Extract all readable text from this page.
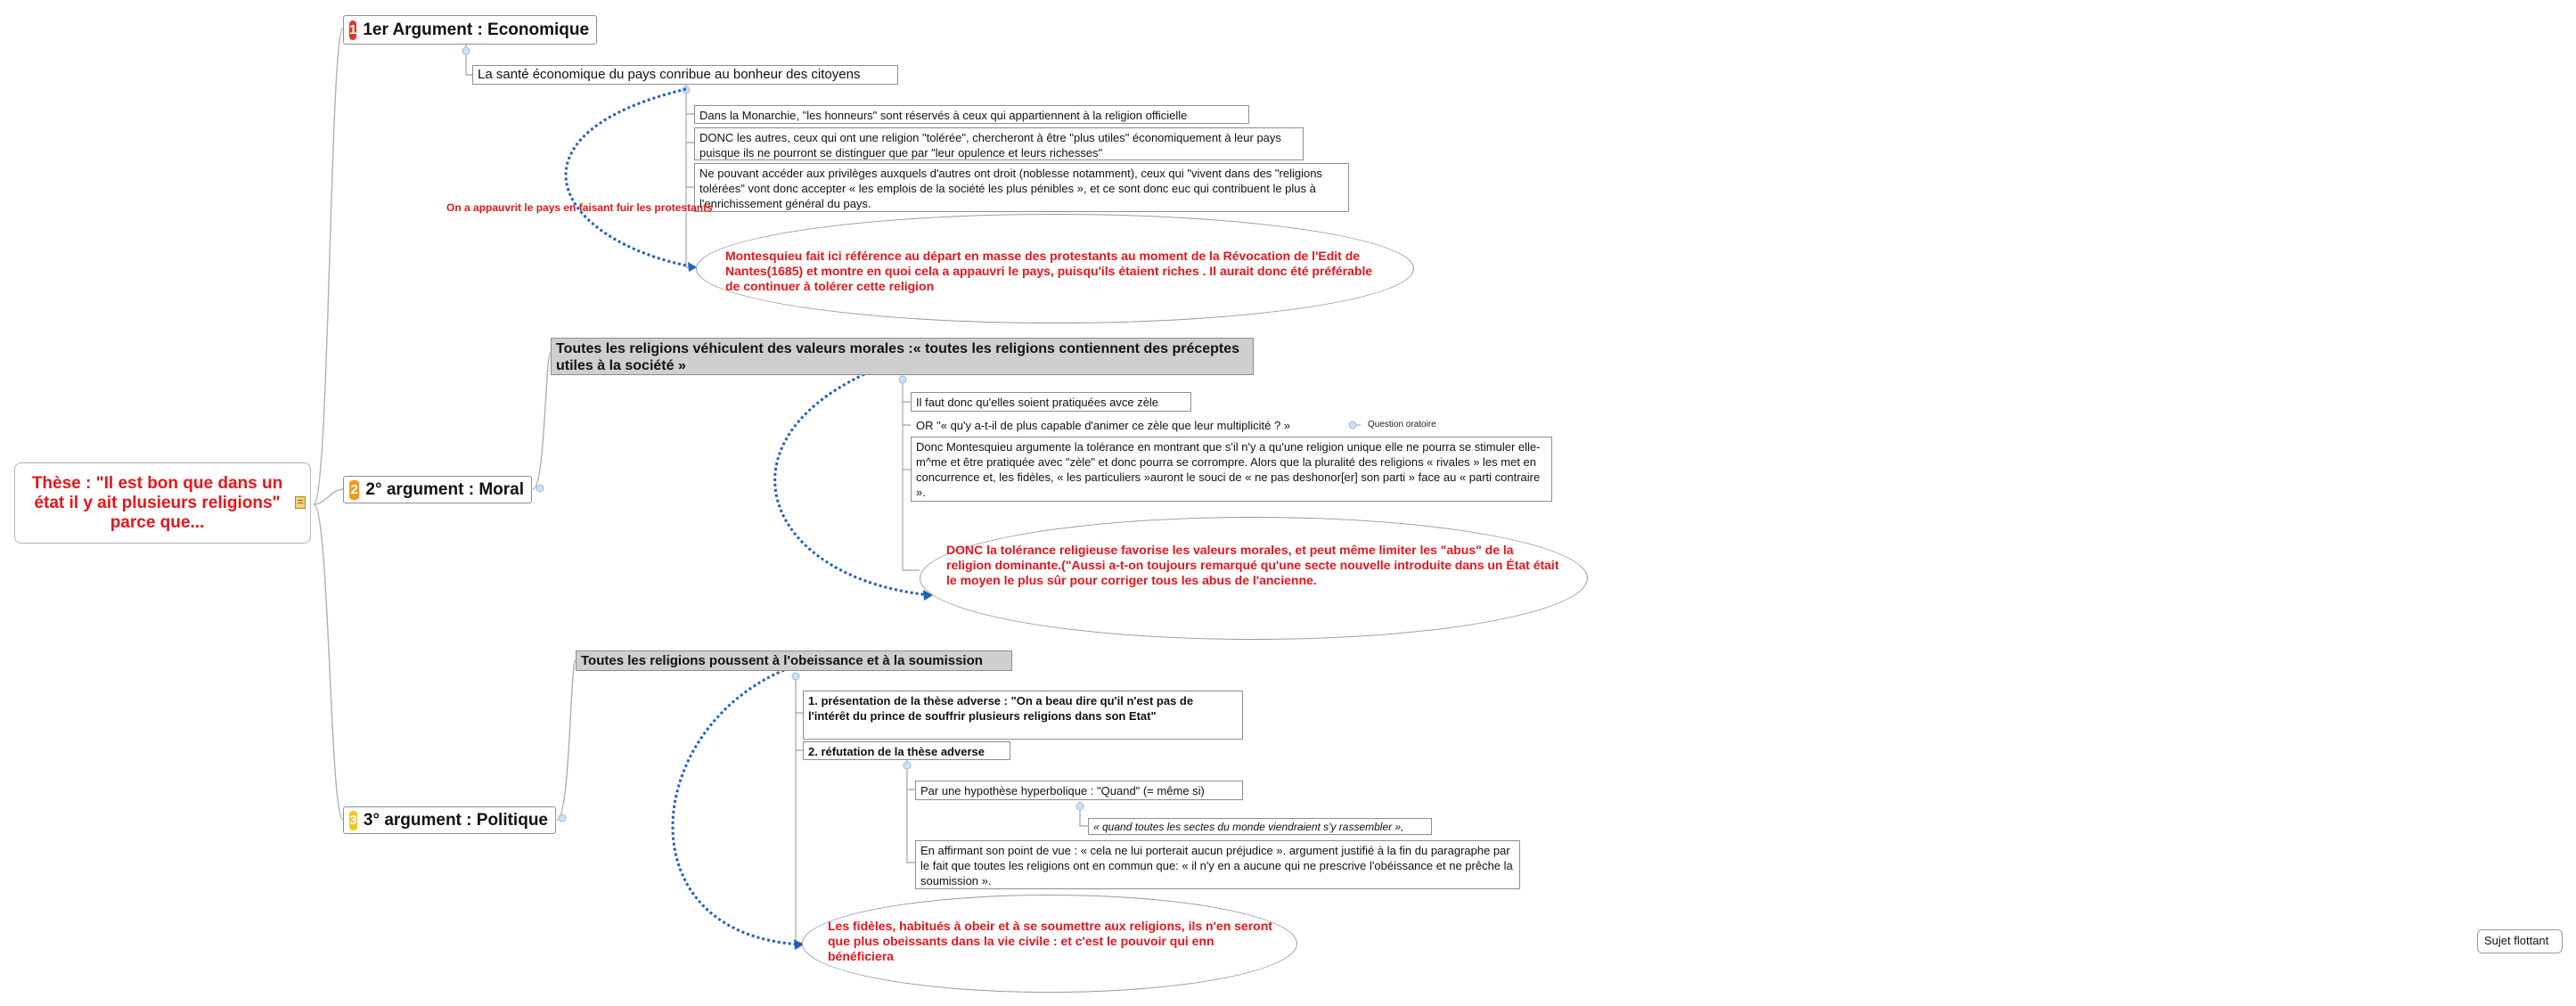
Thèse : "Il est bon que dans un état il y ait plusieurs religions" parce que...
1 1er Argument : Economique
2 2° argument : Moral
3 3° argument : Politique
La santé économique du pays conribue au bonheur des citoyens
Dans la Monarchie, "les honneurs" sont réservés à ceux qui appartiennent à la religion officielle
DONC les autres, ceux qui ont une religion "tolérée", chercheront à être "plus utiles" économiquement à leur pays puisque ils ne pourront se distinguer que par "leur opulence et leurs richesses"
Ne pouvant accéder aux privilèges auxquels d'autres ont droit (noblesse notamment), ceux qui "vivent dans des "religions tolérées" vont donc accepter « les emplois de la société les plus pénibles », et ce sont donc euc qui contribuent le plus à l'enrichissement général du pays.
On a appauvrit le pays en faisant fuir les protestants
Montesquieu fait ici référence au départ en masse des protestants au moment de la Révocation de l'Edit de Nantes(1685) et montre en quoi cela a appauvri le pays, puisqu'ils étaient riches . Il aurait donc été préférable de continuer à tolérer cette religion
Toutes les religions véhiculent des valeurs morales :« toutes les religions contiennent des préceptes utiles à la société »
Il faut donc qu'elles soient pratiquées avce zèle
OR "« qu'y a-t-il de plus capable d'animer ce zèle que leur multiplicité ? »	Question oratoire
Donc Montesquieu argumente la tolérance en montrant que s'il n'y a qu'une religion unique elle ne pourra se stimuler elle-m^me et être pratiquée avec "zèle" et donc pourra se corrompre. Alors que la pluralité des religions « rivales » les met en concurrence et, les fidèles, « les particuliers »auront le souci de « ne pas deshonor[er] son parti » face au « parti contraire ».
DONC la tolérance religieuse favorise les valeurs morales, et peut même limiter les "abus" de la religion dominante.("Aussi a-t-on toujours remarqué qu'une secte nouvelle introduite dans un État était le moyen le plus sûr pour corriger tous les abus de l'ancienne.
Toutes les religions poussent à l'obeissance et à la soumission
1. présentation de la thèse adverse : "On a beau dire qu'il n'est pas de l'intérêt du prince de souffrir plusieurs religions dans son Etat"
2. réfutation de la thèse adverse
Par une hypothèse hyperbolique : "Quand" (= même si)
« quand toutes les sectes du monde viendraient s'y rassembler »,
En affirmant son point de vue : « cela ne lui porterait aucun préjudice ». argument justifié à la fin du paragraphe par le fait que toutes les religions ont en commun que: « il n'y en a aucune qui ne prescrive l'obéissance et ne prêche la soumission ».
Les fidèles, habitués à obeir et à se soumettre aux religions, ils n'en seront que plus obeissants dans la vie civile : et c'est le pouvoir qui enn bénéficiera
Sujet flottant
